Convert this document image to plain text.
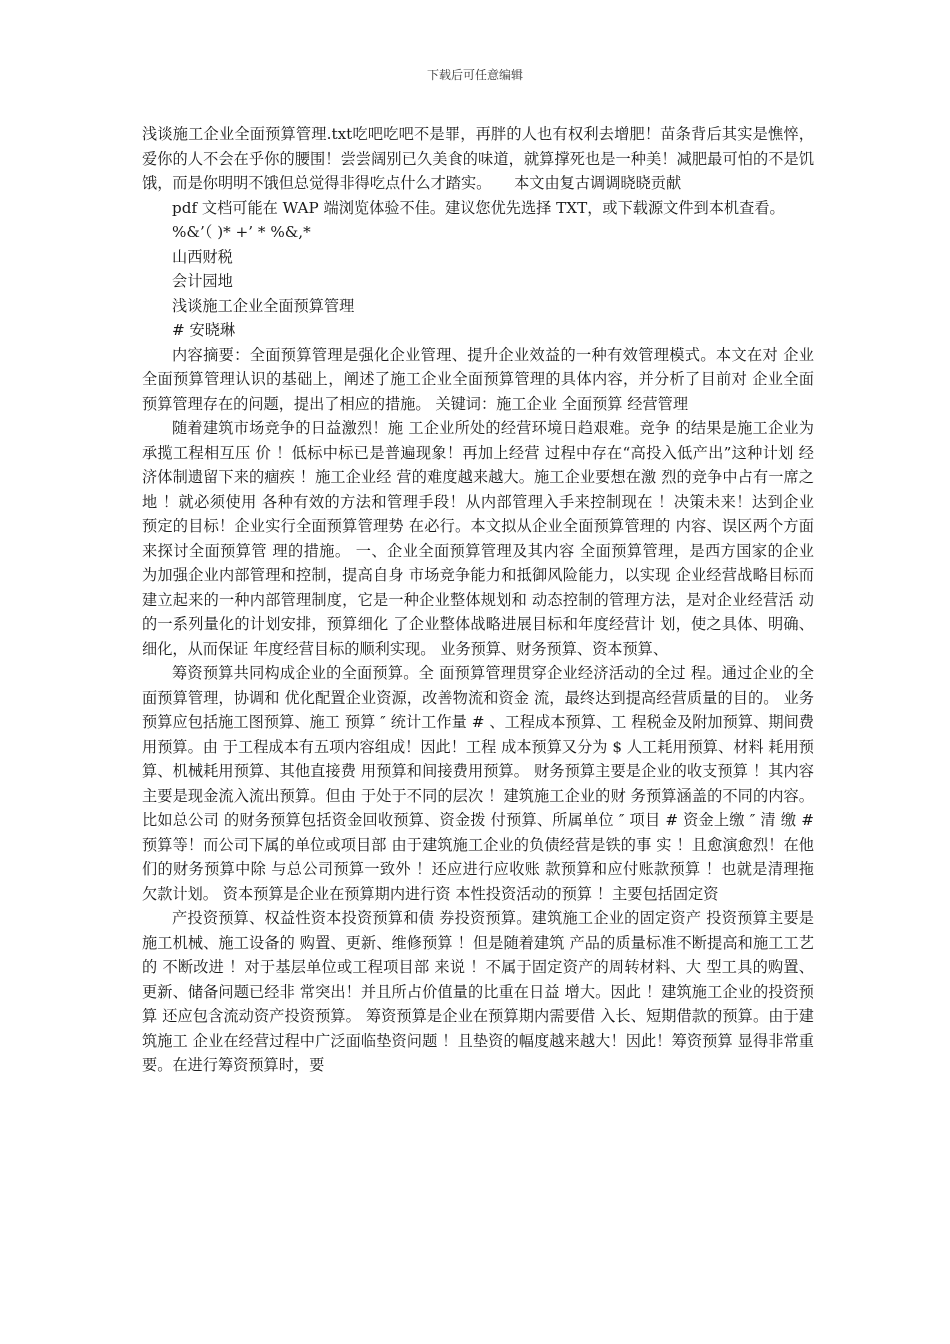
下载后可任意编辑

浅谈施工企业全面预算管理.txt吃吧吃吧不是罪，再胖的人也有权利去增肥！苗条背后其实是憔悴，爱你的人不会在乎你的腰围！尝尝阔别已久美食的味道，就算撑死也是一种美！减肥最可怕的不是饥饿，而是你明明不饿但总觉得非得吃点什么才踏实。　　本文由复古调调晓晓贡献

pdf 文档可能在 WAP 端浏览体验不佳。建议您优先选择 TXT，或下载源文件到本机查看。

%&’（ )* +’ * %&,*

山西财税

会计园地

浅谈施工企业全面预算管理

# 安晓琳

内容摘要：全面预算管理是强化企业管理、提升企业效益的一种有效管理模式。本文在对 企业全面预算管理认识的基础上，阐述了施工企业全面预算管理的具体内容，并分析了目前对 企业全面预算管理存在的问题，提出了相应的措施。 关键词：施工企业 全面预算 经营管理

随着建筑市场竞争的日益激烈！施 工企业所处的经营环境日趋艰难。竞争 的结果是施工企业为承揽工程相互压 价 ！低标中标已是普遍现象！再加上经营 过程中存在“高投入低产出”这种计划 经济体制遗留下来的痼疾 ！施工企业经 营的难度越来越大。施工企业要想在激 烈的竞争中占有一席之地 ！就必须使用 各种有效的方法和管理手段！从内部管理入手来控制现在 ！决策未来！达到企业 预定的目标！企业实行全面预算管理势 在必行。本文拟从企业全面预算管理的 内容、误区两个方面来探讨全面预算管 理的措施。 一、企业全面预算管理及其内容 全面预算管理，是西方国家的企业 为加强企业内部管理和控制，提高自身 市场竞争能力和抵御风险能力，以实现 企业经营战略目标而建立起来的一种内部管理制度，它是一种企业整体规划和 动态控制的管理方法，是对企业经营活 动的一系列量化的计划安排，预算细化 了企业整体战略进展目标和年度经营计 划，使之具体、明确、细化，从而保证 年度经营目标的顺利实现。 业务预算、财务预算、资本预算、

筹资预算共同构成企业的全面预算。全 面预算管理贯穿企业经济活动的全过 程。通过企业的全面预算管理，协调和 优化配置企业资源，改善物流和资金 流，最终达到提高经营质量的目的。 业务预算应包括施工图预算、施工 预算 ″ 统计工作量 # 、工程成本预算、工 程税金及附加预算、期间费用预算。由 于工程成本有五项内容组成！因此！工程 成本预算又分为 $ 人工耗用预算、材料 耗用预算、机械耗用预算、其他直接费 用预算和间接费用预算。 财务预算主要是企业的收支预算 ！其内容主要是现金流入流出预算。但由 于处于不同的层次 ！建筑施工企业的财 务预算涵盖的不同的内容。比如总公司 的财务预算包括资金回收预算、资金拨 付预算、所属单位 ″ 项目 # 资金上缴 ″ 清 缴 # 预算等！而公司下属的单位或项目部 由于建筑施工企业的负债经营是铁的事 实 ！且愈演愈烈！在他们的财务预算中除 与总公司预算一致外 ！还应进行应收账 款预算和应付账款预算 ！也就是清理拖 欠款计划。 资本预算是企业在预算期内进行资 本性投资活动的预算 ！主要包括固定资

产投资预算、权益性资本投资预算和债 券投资预算。建筑施工企业的固定资产 投资预算主要是施工机械、施工设备的 购置、更新、维修预算 ！但是随着建筑 产品的质量标准不断提高和施工工艺的 不断改进 ！对于基层单位或工程项目部 来说 ！不属于固定资产的周转材料、大 型工具的购置、更新、储备问题已经非 常突出！并且所占价值量的比重在日益 增大。因此 ！建筑施工企业的投资预算 还应包含流动资产投资预算。 筹资预算是企业在预算期内需要借 入长、短期借款的预算。由于建筑施工 企业在经营过程中广泛面临垫资问题 ！且垫资的幅度越来越大！因此！筹资预算 显得非常重要。在进行筹资预算时，要
